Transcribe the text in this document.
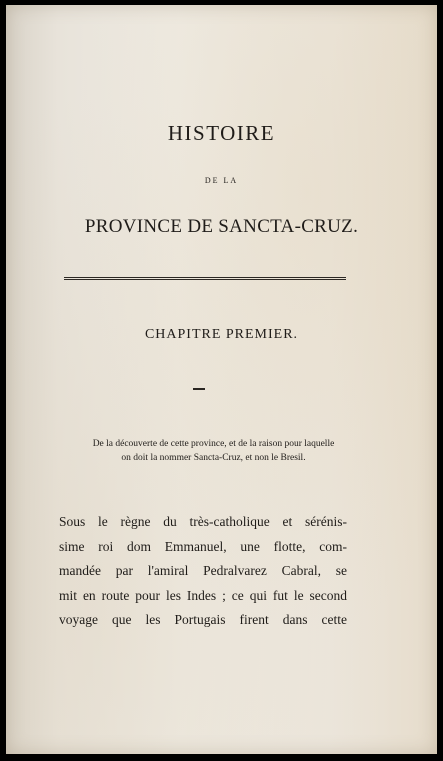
HISTOIRE
DE LA
PROVINCE DE SANCTA-CRUZ.
CHAPITRE PREMIER.
De la découverte de cette province, et de la raison pour laquelle
on doit la nommer Sancta-Cruz, et non le Bresil.
Sous le règne du très-catholique et sérénis-
sime roi dom Emmanuel, une flotte, com-
mandée par l'amiral Pedralvarez Cabral, se
mit en route pour les Indes ; ce qui fut le second
voyage que les Portugais firent dans cette
